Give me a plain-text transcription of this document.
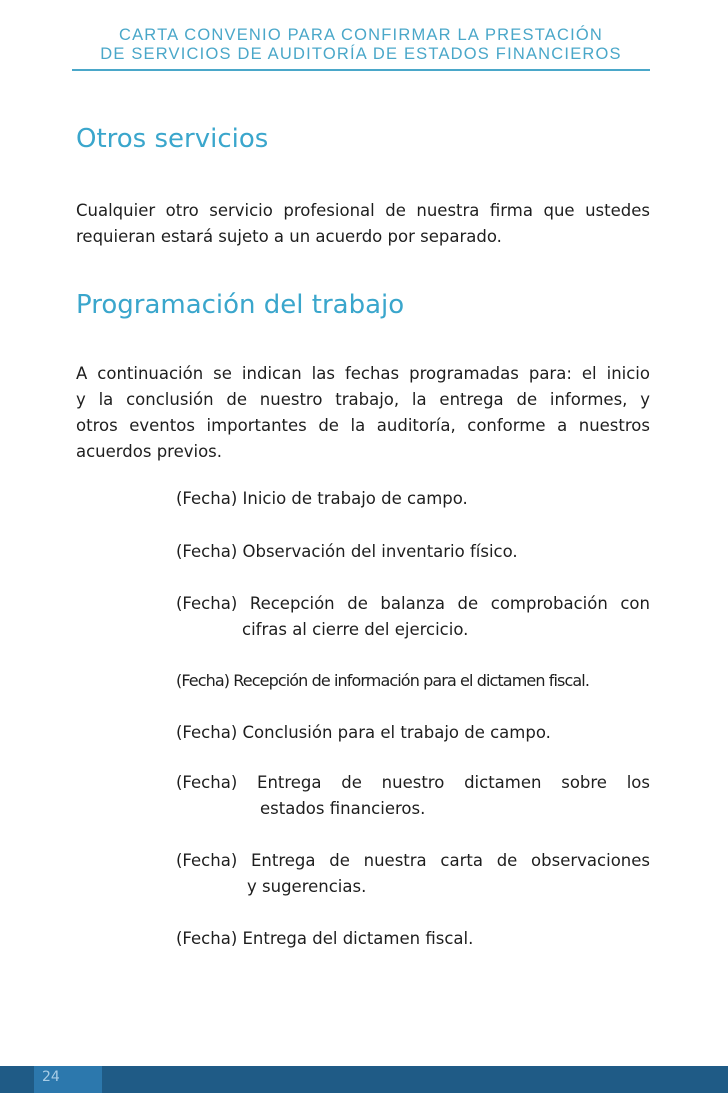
CARTA CONVENIO PARA CONFIRMAR LA PRESTACIÓN
DE SERVICIOS DE AUDITORÍA DE ESTADOS FINANCIEROS
Otros servicios
Cualquier otro servicio profesional de nuestra firma que ustedes
requieran estará sujeto a un acuerdo por separado.
Programación del trabajo
A continuación se indican las fechas programadas para: el inicio
y la conclusión de nuestro trabajo, la entrega de informes, y
otros eventos importantes de la auditoría, conforme a nuestros
acuerdos previos.
(Fecha) Inicio de trabajo de campo.
(Fecha) Observación del inventario físico.
(Fecha) Recepción de balanza de comprobación con
cifras al cierre del ejercicio.
(Fecha) Recepción de información para el dictamen fiscal.
(Fecha) Conclusión para el trabajo de campo.
(Fecha) Entrega de nuestro dictamen sobre los
estados financieros.
(Fecha) Entrega de nuestra carta de observaciones
y sugerencias.
(Fecha) Entrega del dictamen fiscal.
24
